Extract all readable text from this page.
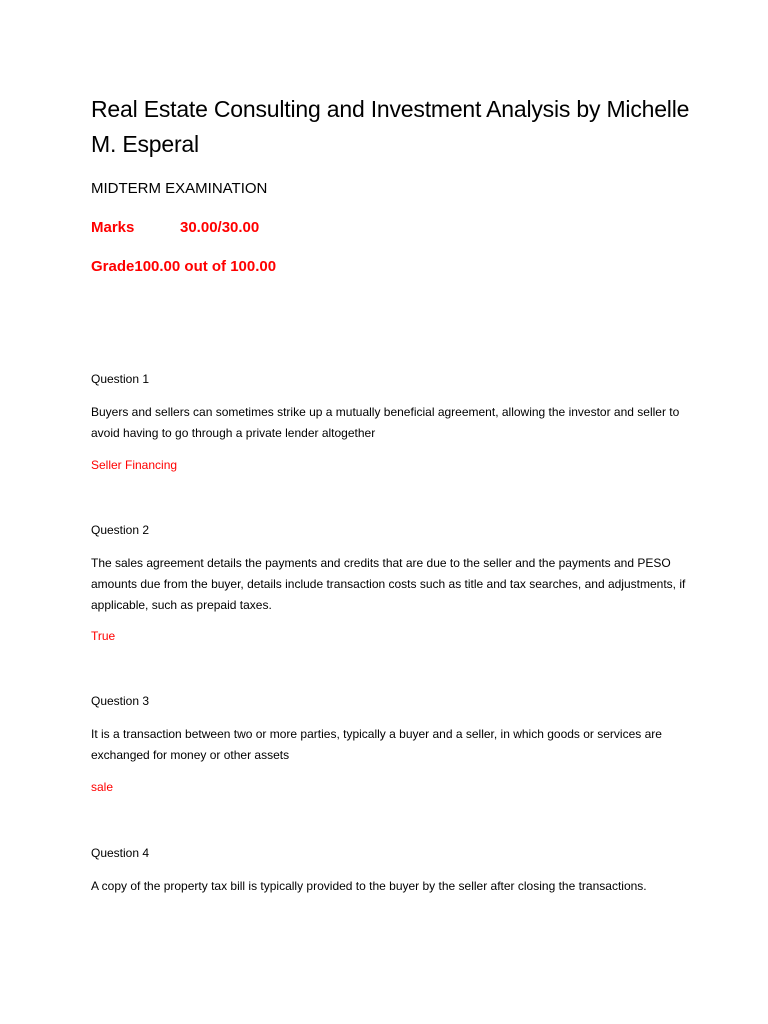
Real Estate Consulting and Investment Analysis by Michelle M. Esperal
MIDTERM EXAMINATION
Marks	30.00/30.00
Grade100.00 out of 100.00
Question 1
Buyers and sellers can sometimes strike up a mutually beneficial agreement, allowing the investor and seller to avoid having to go through a private lender altogether
Seller Financing
Question 2
The sales agreement details the payments and credits that are due to the seller and the payments and PESO amounts due from the buyer, details include transaction costs such as title and tax searches, and adjustments, if applicable, such as prepaid taxes.
True
Question 3
It is a transaction between two or more parties, typically a buyer and a seller, in which goods or services are exchanged for money or other assets
sale
Question 4
A copy of the property tax bill is typically provided to the buyer by the seller after closing the transactions.
